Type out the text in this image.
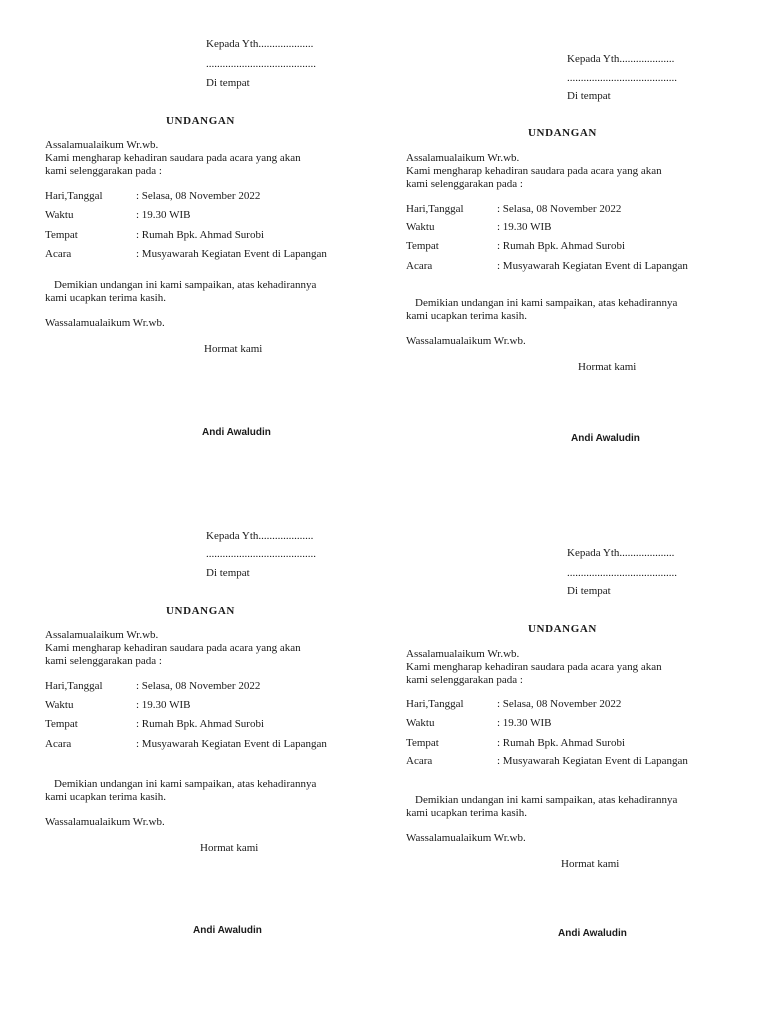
Kepada Yth....................
........................................
Di tempat
UNDANGAN
Assalamualaikum Wr.wb.
Kami mengharap kehadiran saudara pada acara yang akan
kami selenggarakan pada :
Hari,Tanggal	: Selasa, 08 November 2022
Waktu	: 19.30 WIB
Tempat	: Rumah Bpk. Ahmad Surobi
Acara	: Musyawarah Kegiatan Event di Lapangan
Demikian undangan ini kami sampaikan, atas kehadirannya
kami ucapkan terima kasih.
Wassalamualaikum Wr.wb.
Hormat kami
Andi Awaludin
Kepada Yth....................
........................................
Di tempat
UNDANGAN
Assalamualaikum Wr.wb.
Kami mengharap kehadiran saudara pada acara yang akan
kami selenggarakan pada :
Hari,Tanggal	: Selasa, 08 November 2022
Waktu	: 19.30 WIB
Tempat	: Rumah Bpk. Ahmad Surobi
Acara	: Musyawarah Kegiatan Event di Lapangan
Demikian undangan ini kami sampaikan, atas kehadirannya
kami ucapkan terima kasih.
Wassalamualaikum Wr.wb.
Hormat kami
Andi Awaludin
Kepada Yth....................
........................................
Di tempat
UNDANGAN
Assalamualaikum Wr.wb.
Kami mengharap kehadiran saudara pada acara yang akan
kami selenggarakan pada :
Hari,Tanggal	: Selasa, 08 November 2022
Waktu	: 19.30 WIB
Tempat	: Rumah Bpk. Ahmad Surobi
Acara	: Musyawarah Kegiatan Event di Lapangan
Demikian undangan ini kami sampaikan, atas kehadirannya
kami ucapkan terima kasih.
Wassalamualaikum Wr.wb.
Hormat kami
Andi Awaludin
Kepada Yth....................
........................................
Di tempat
UNDANGAN
Assalamualaikum Wr.wb.
Kami mengharap kehadiran saudara pada acara yang akan
kami selenggarakan pada :
Hari,Tanggal	: Selasa, 08 November 2022
Waktu	: 19.30 WIB
Tempat	: Rumah Bpk. Ahmad Surobi
Acara	: Musyawarah Kegiatan Event di Lapangan
Demikian undangan ini kami sampaikan, atas kehadirannya
kami ucapkan terima kasih.
Wassalamualaikum Wr.wb.
Hormat kami
Andi Awaludin
